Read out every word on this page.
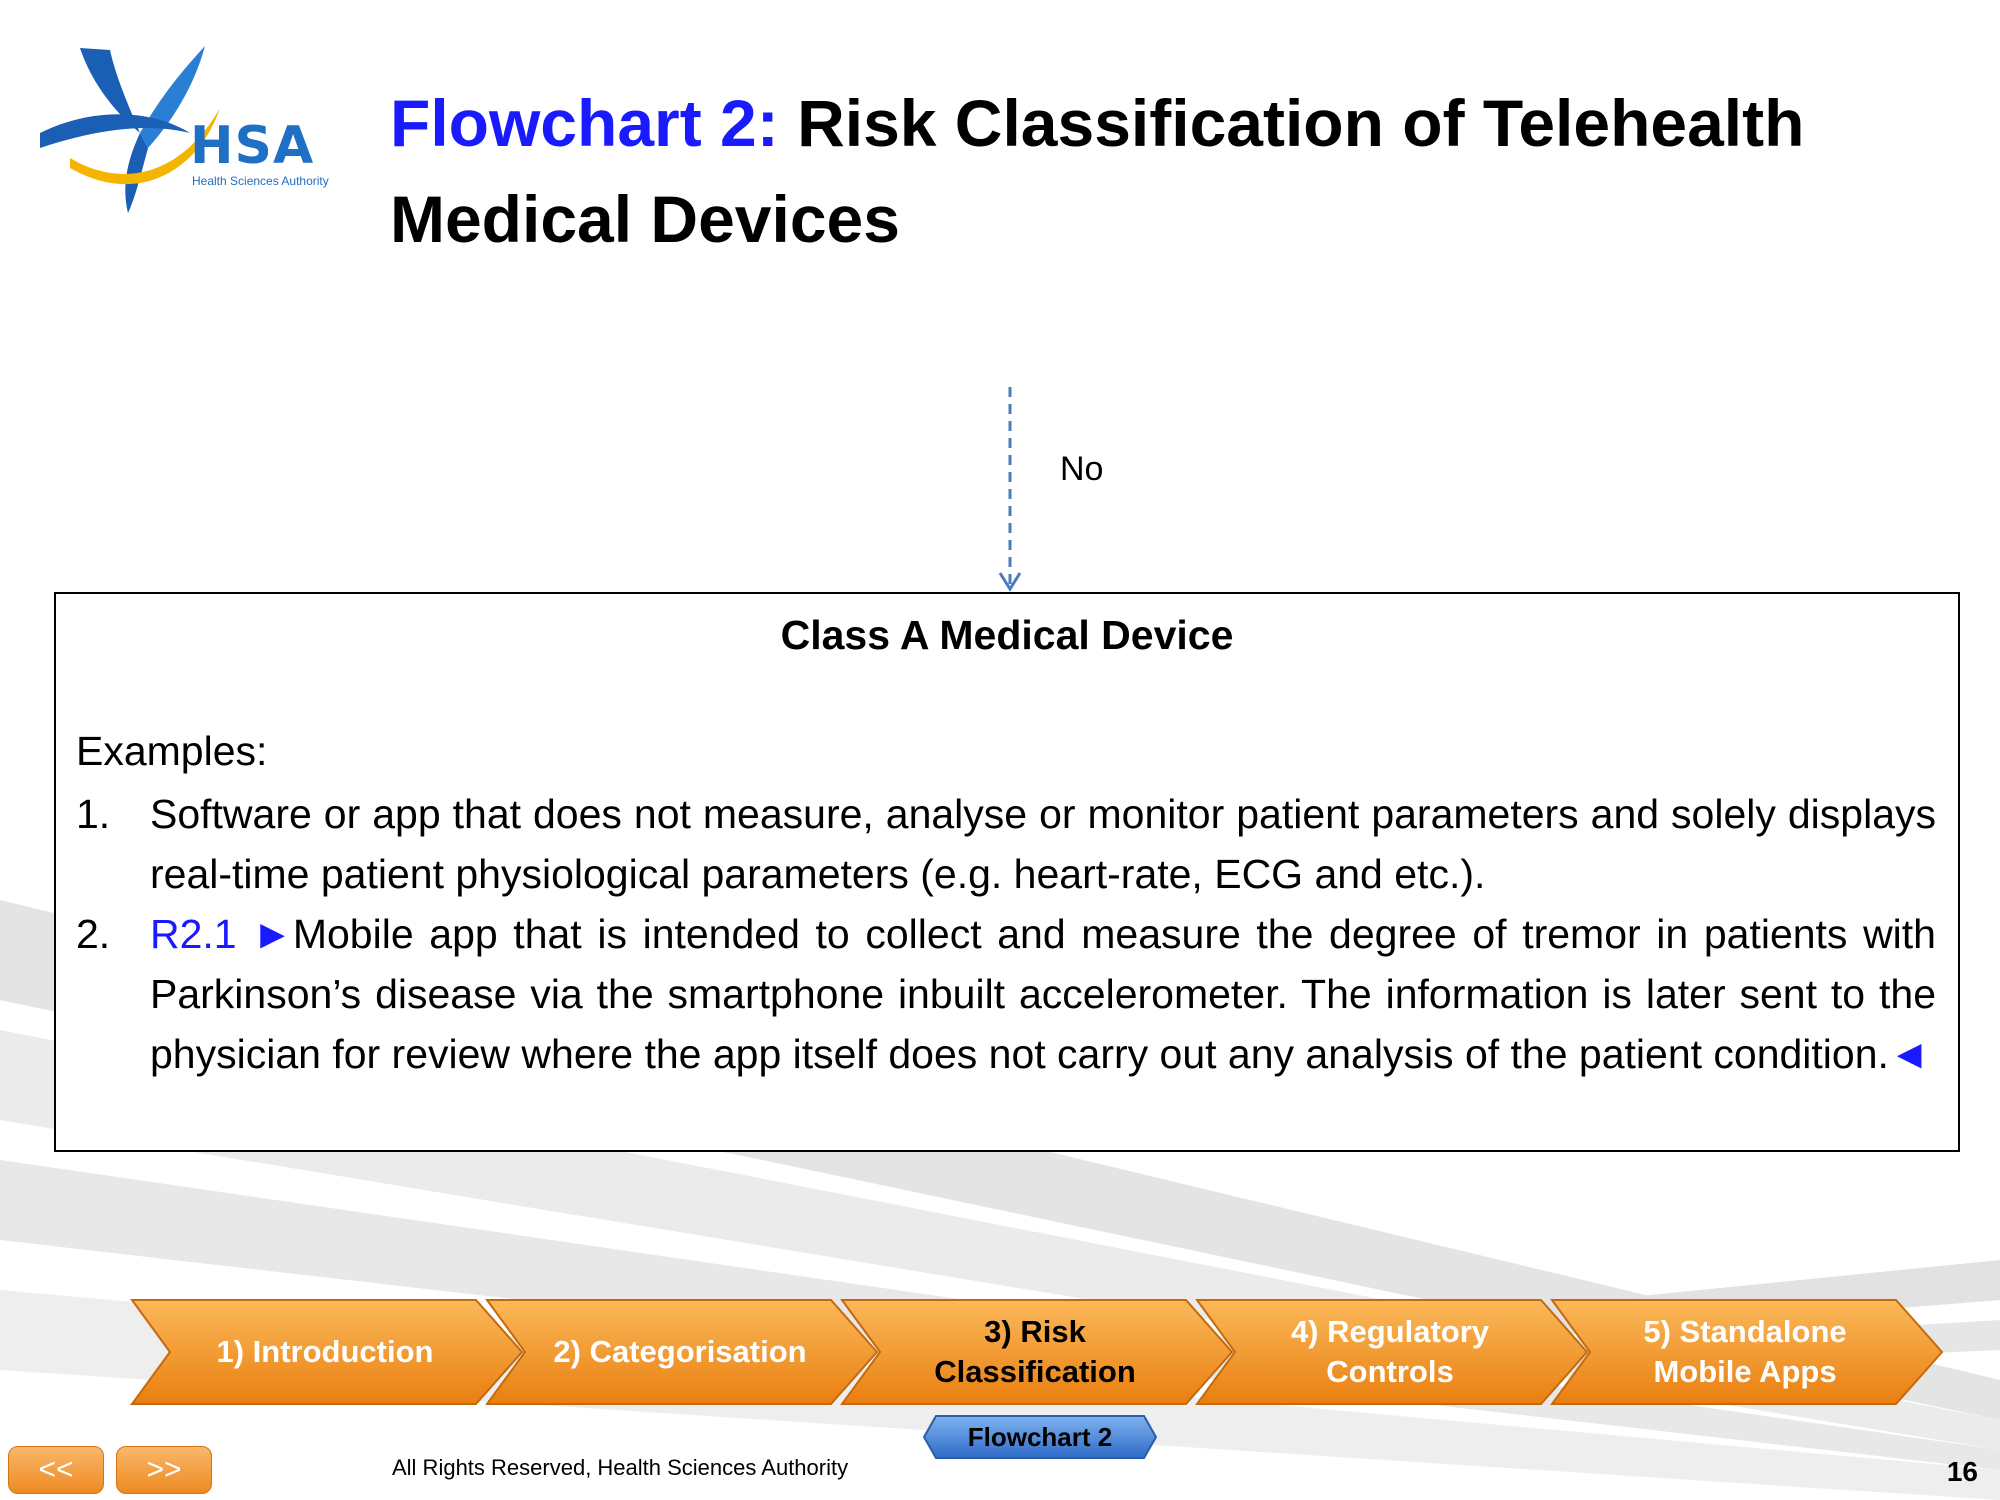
HSA
Health Sciences Authority
Flowchart 2: Risk Classification of Telehealth Medical Devices
No
Class A Medical Device
Examples:
1. Software or app that does not measure, analyse or monitor patient parameters and solely displays real-time patient physiological parameters (e.g. heart-rate, ECG and etc.).
2. R2.1 ►Mobile app that is intended to collect and measure the degree of tremor in patients with Parkinson’s disease via the smartphone inbuilt accelerometer. The information is later sent to the physician for review where the app itself does not carry out any analysis of the patient condition.◄
1) Introduction	2) Categorisation
3) Risk Classification
4) Regulatory Controls
5) Standalone Mobile Apps
Flowchart 2
<<	>>	All Rights Reserved, Health Sciences Authority	16
